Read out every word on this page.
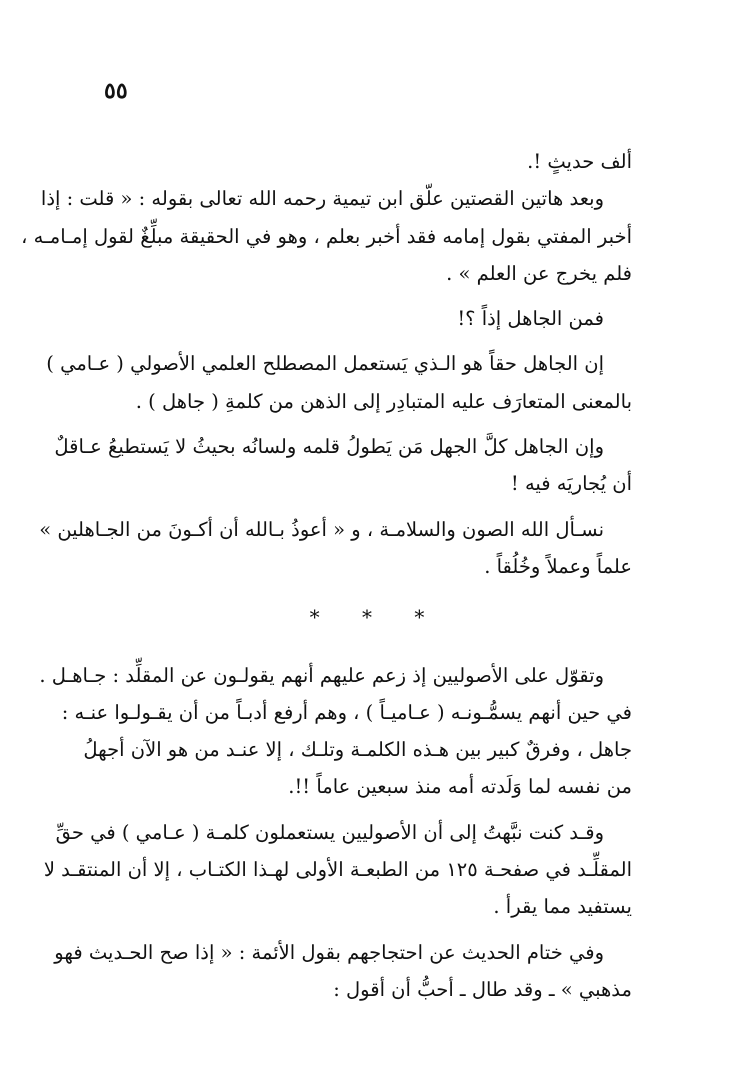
٥٥
ألف حديثٍ !.
وبعد هاتين القصتين علّق ابن تيمية رحمه الله تعالى بقوله : « قلت : إذا
أخبر المفتي بقول إمامه فقد أخبر بعلم ، وهو في الحقيقة مبلِّغٌ لقول إمـامـه ،
فلم يخرج عن العلم » .
فمن الجاهل إذاً ؟!
إن الجاهل حقاً هو الـذي يَستعمل المصطلح العلمي الأصولي ( عـامي )
بالمعنى المتعارَف عليه المتبادِر إلى الذهن من كلمةِ ( جاهل ) .
وإن الجاهل كلَّ الجهل مَن يَطولُ قلمه ولسانُه بحيثُ لا يَستطيعُ عـاقلٌ
أن يُجاريَه فيه !
نسـأل الله الصون والسلامـة ، و « أعوذُ بـالله أن أكـونَ من الجـاهلين »
علماً وعملاً وخُلُقاً .
* * *
وتقوّل على الأصوليين إذ زعم عليهم أنهم يقولـون عن المقلِّد : جـاهـل .
في حين أنهم يسمُّـونـه ( عـاميـاً ) ، وهم أرفع أدبـاً من أن يقـولـوا عنـه :
جاهل ، وفرقٌ كبير بين هـذه الكلمـة وتلـك ، إلا عنـد من هو الآن أجهلُ
من نفسه لما وَلَدته أمه منذ سبعين عاماً !!.
وقـد كنت نبَّهتُ إلى أن الأصوليين يستعملون كلمـة ( عـامي ) في حقِّ
المقلِّـد في صفحـة ١٢٥ من الطبعـة الأولى لهـذا الكتـاب ، إلا أن المنتقـد لا
يستفيد مما يقرأ .
وفي ختام الحديث عن احتجاجهم بقول الأئمة : « إذا صح الحـديث فهو
مذهبي » ـ وقد طال ـ أحبُّ أن أقول :
